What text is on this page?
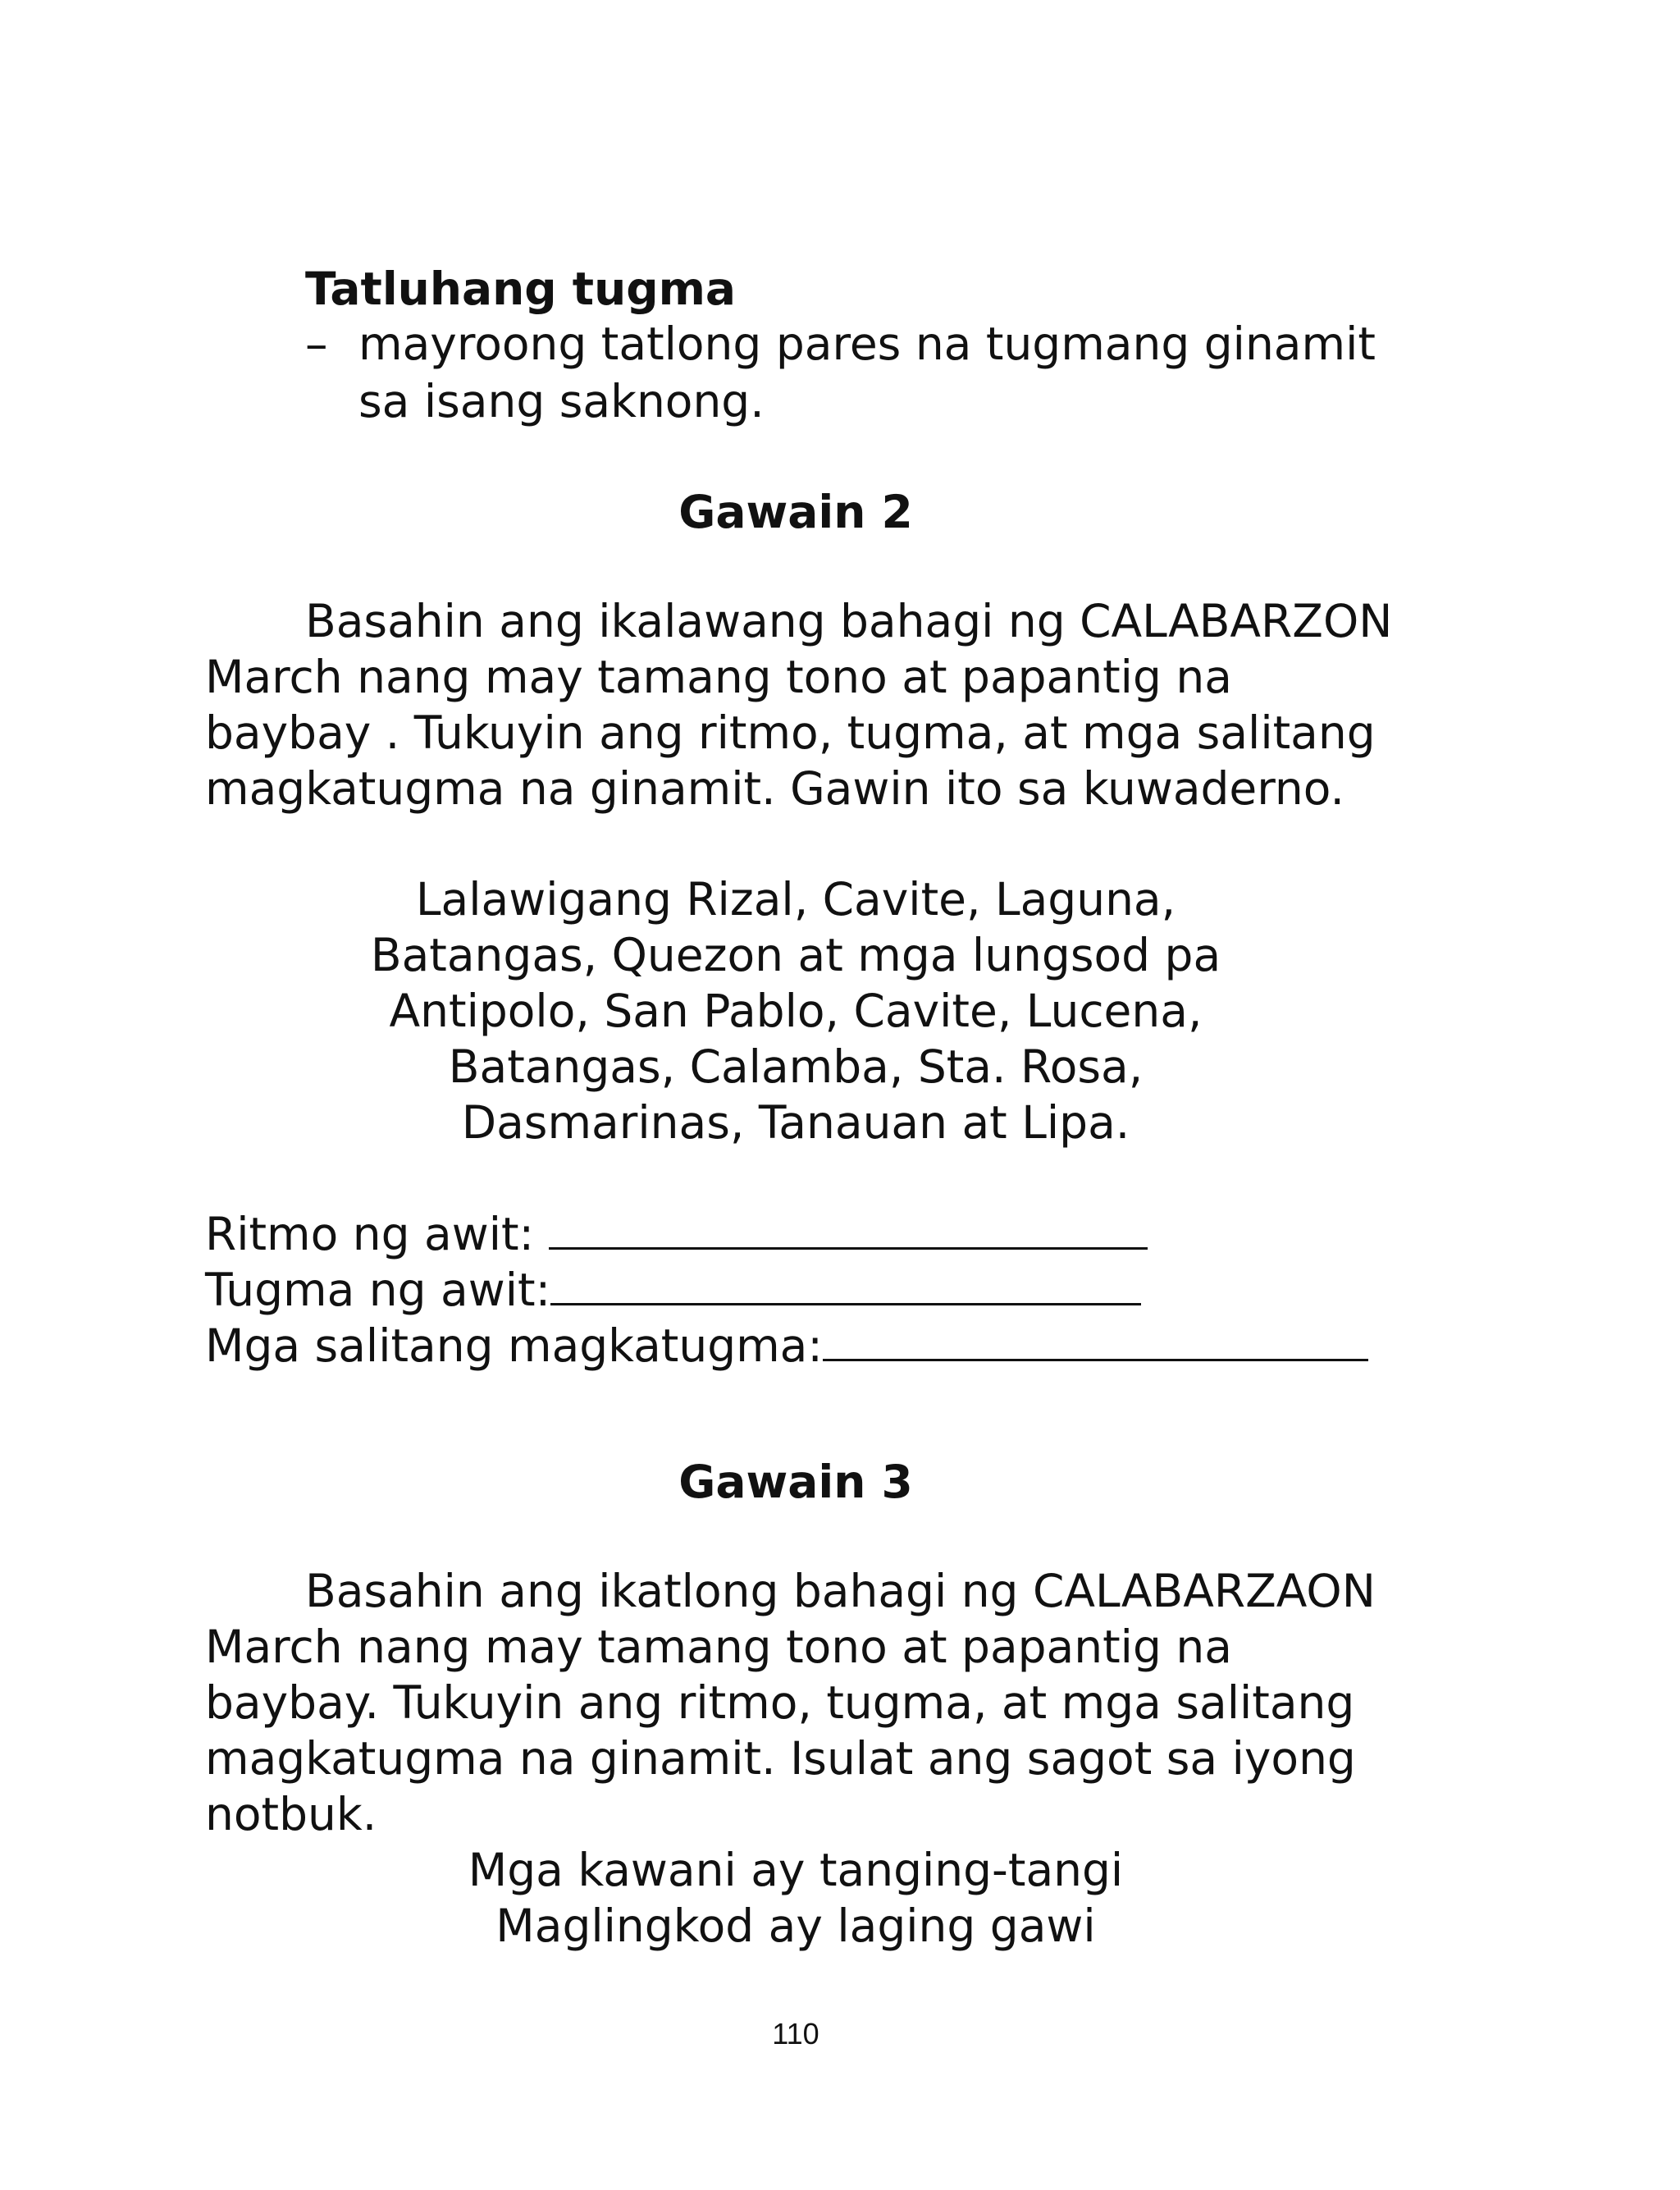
Tatluhang tugma
– mayroong tatlong pares na tugmang ginamit
sa isang saknong.
Gawain 2
Basahin ang ikalawang bahagi ng CALABARZON
March nang may tamang tono at papantig na
baybay . Tukuyin ang ritmo, tugma, at mga salitang
magkatugma na ginamit. Gawin ito sa kuwaderno.
Lalawigang Rizal, Cavite, Laguna,
Batangas, Quezon at mga lungsod pa
Antipolo, San Pablo, Cavite, Lucena,
Batangas, Calamba, Sta. Rosa,
Dasmarinas, Tanauan at Lipa.
Ritmo ng awit:
Tugma ng awit:
Mga salitang magkatugma:
Gawain 3
Basahin ang ikatlong bahagi ng CALABARZAON
March nang may tamang tono at papantig na
baybay. Tukuyin ang ritmo, tugma, at mga salitang
magkatugma na ginamit. Isulat ang sagot sa iyong
notbuk.
Mga kawani ay tanging-tangi
Maglingkod ay laging gawi
110
